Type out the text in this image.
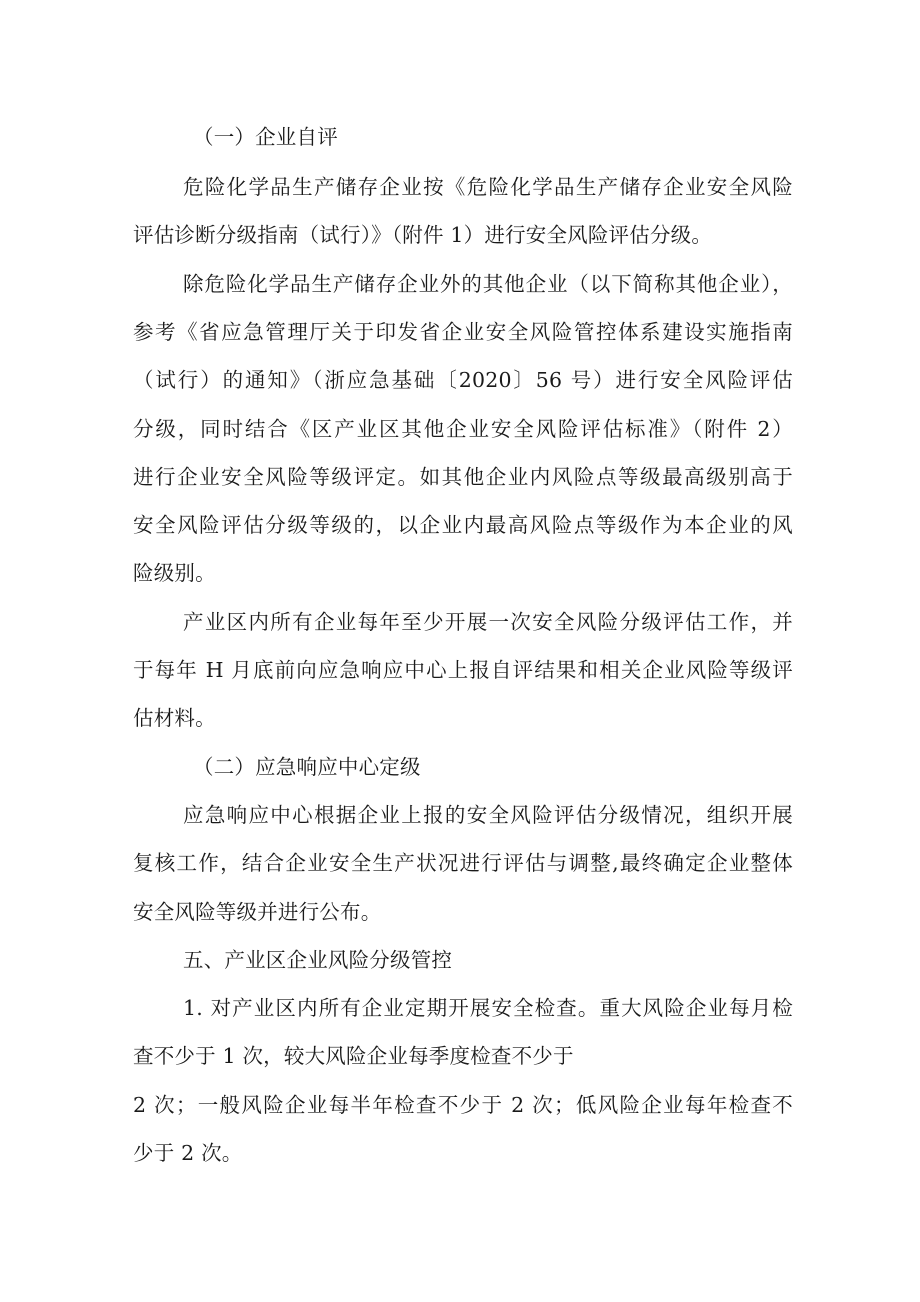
（一）企业自评
危险化学品生产储存企业按《危险化学品生产储存企业安全风险
评估诊断分级指南（试行）》（附件 1）进行安全风险评估分级。
除危险化学品生产储存企业外的其他企业（以下简称其他企业），
参考《省应急管理厅关于印发省企业安全风险管控体系建设实施指南
（试行）的通知》（浙应急基础〔2020〕56 号）进行安全风险评估
分级，同时结合《区产业区其他企业安全风险评估标准》（附件 2）
进行企业安全风险等级评定。如其他企业内风险点等级最高级别高于
安全风险评估分级等级的，以企业内最高风险点等级作为本企业的风
险级别。
产业区内所有企业每年至少开展一次安全风险分级评估工作，并
于每年 H 月底前向应急响应中心上报自评结果和相关企业风险等级评
估材料。
（二）应急响应中心定级
应急响应中心根据企业上报的安全风险评估分级情况，组织开展
复核工作，结合企业安全生产状况进行评估与调整,最终确定企业整体
安全风险等级并进行公布。
五、产业区企业风险分级管控
1. 对产业区内所有企业定期开展安全检查。重大风险企业每月检
查不少于 1 次，较大风险企业每季度检查不少于
2 次；一般风险企业每半年检查不少于 2 次；低风险企业每年检查不
少于 2 次。
